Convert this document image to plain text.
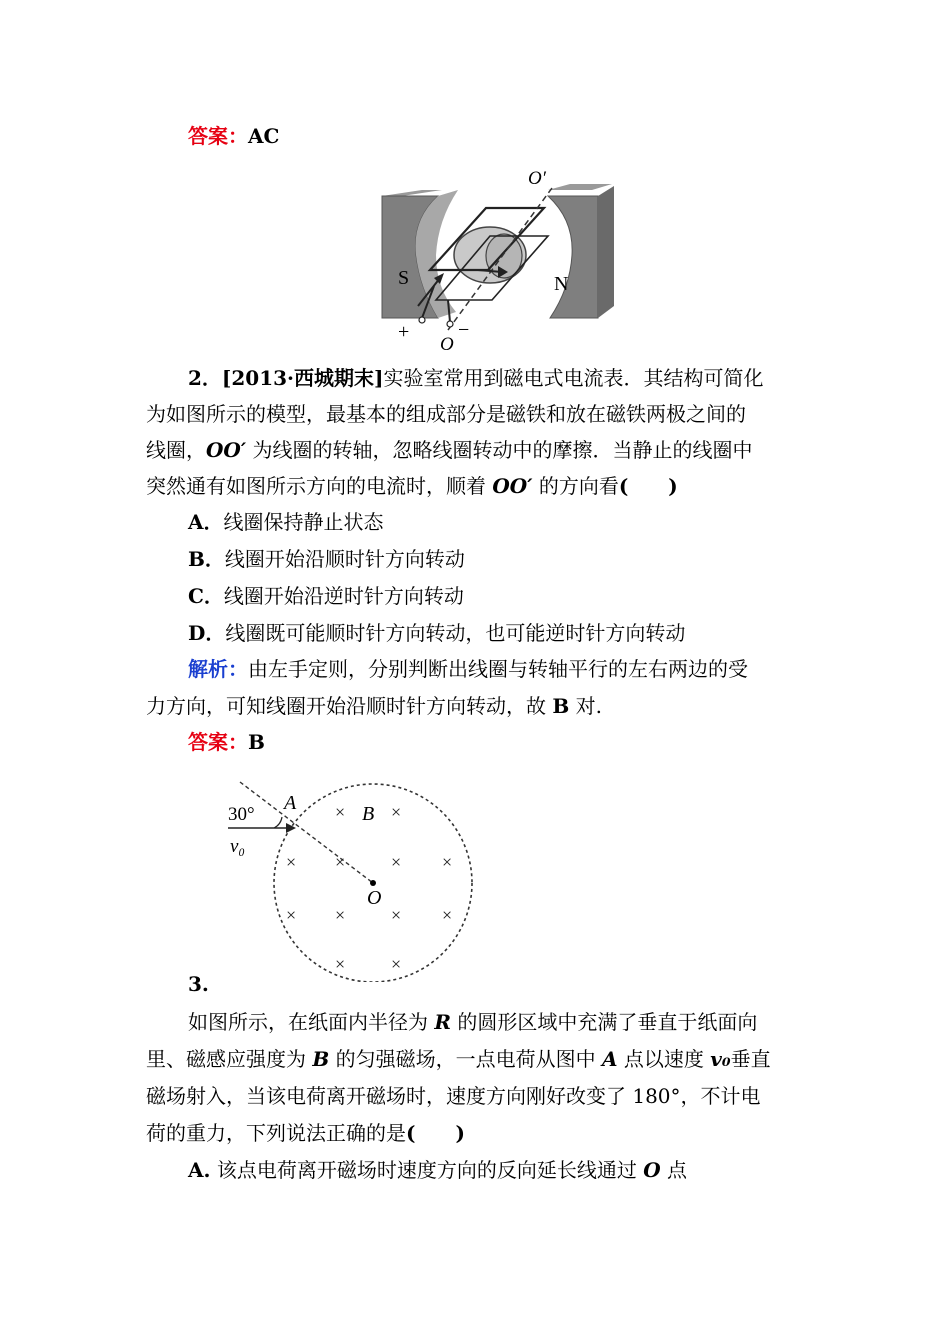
答案：AC
S	N
O′
O
+ −
2．[2013·西城期末]实验室常用到磁电式电流表．其结构可简化
为如图所示的模型，最基本的组成部分是磁铁和放在磁铁两极之间的
线圈，OO′ 为线圈的转轴，忽略线圈转动中的摩擦．当静止的线圈中
突然通有如图所示方向的电流时，顺着 OO′ 的方向看(　　)
A．线圈保持静止状态
B．线圈开始沿顺时针方向转动
C．线圈开始沿逆时针方向转动
D．线圈既可能顺时针方向转动，也可能逆时针方向转动
解析：由左手定则，分别判断出线圈与转轴平行的左右两边的受
力方向，可知线圈开始沿顺时针方向转动，故 B 对.
答案：B
30°
A	B
O
v₀
×	×
× ×	× ×
× ×	× ×
×	×
3.
如图所示，在纸面内半径为 R 的圆形区域中充满了垂直于纸面向
里、磁感应强度为 B 的匀强磁场，一点电荷从图中 A 点以速度 v₀垂直
磁场射入，当该电荷离开磁场时，速度方向刚好改变了 180°，不计电
荷的重力，下列说法正确的是(　　)
A. 该点电荷离开磁场时速度方向的反向延长线通过 O 点
